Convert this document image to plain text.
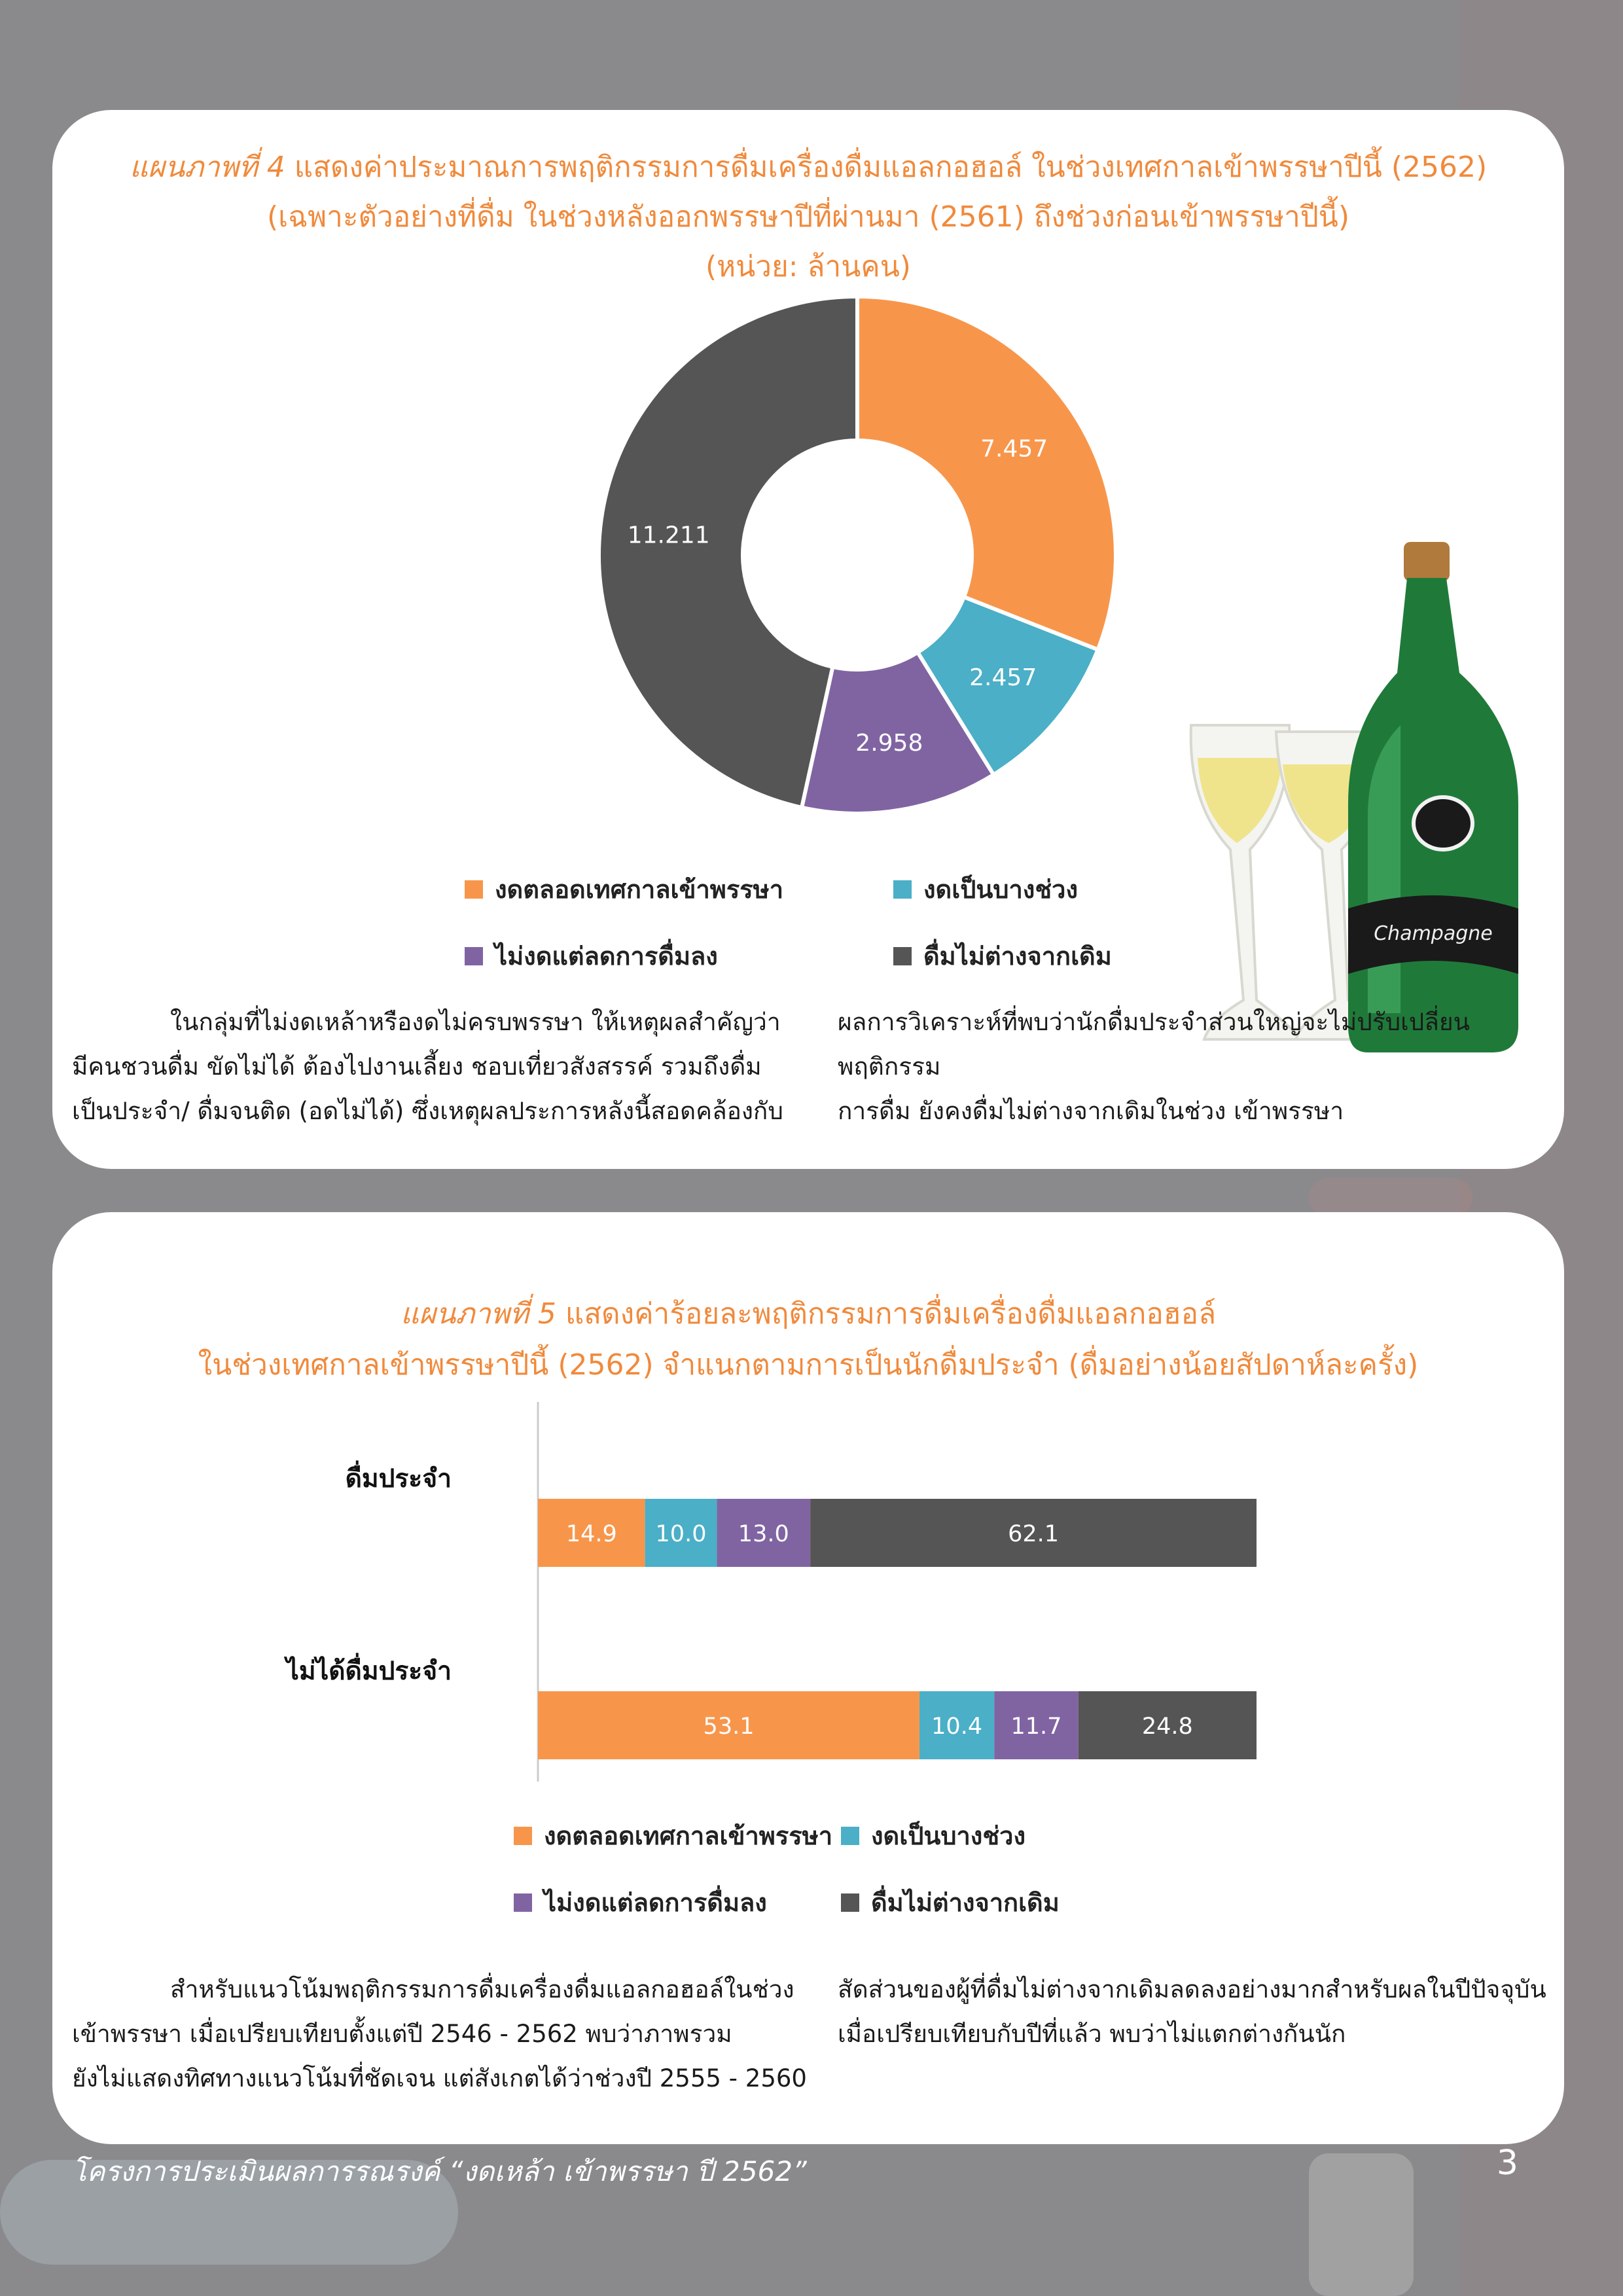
แผนภาพที่ 4 แสดงค่าประมาณการพฤติกรรมการดื่มเครื่องดื่มแอลกอฮอล์ ในช่วงเทศกาลเข้าพรรษาปีนี้ (2562)
(เฉพาะตัวอย่างที่ดื่ม ในช่วงหลังออกพรรษาปีที่ผ่านมา (2561) ถึงช่วงก่อนเข้าพรรษาปีนี้)
(หน่วย: ล้านคน)
7.457
2.457
2.958
11.211
Champagne
งดตลอดเทศกาลเข้าพรรษา	งดเป็นบางช่วง
ไม่งดแต่ลดการดื่มลง	ดื่มไม่ต่างจากเดิม
ในกลุ่มที่ไม่งดเหล้าหรืองดไม่ครบพรรษา ให้เหตุผลสำคัญว่า
มีคนชวนดื่ม ขัดไม่ได้ ต้องไปงานเลี้ยง ชอบเที่ยวสังสรรค์ รวมถึงดื่ม
เป็นประจำ/ ดื่มจนติด (อดไม่ได้) ซึ่งเหตุผลประการหลังนี้สอดคล้องกับ
ผลการวิเคราะห์ที่พบว่านักดื่มประจำส่วนใหญ่จะไม่ปรับเปลี่ยนพฤติกรรม
การดื่ม ยังคงดื่มไม่ต่างจากเดิมในช่วง เข้าพรรษา
แผนภาพที่ 5 แสดงค่าร้อยละพฤติกรรมการดื่มเครื่องดื่มแอลกอฮอล์
ในช่วงเทศกาลเข้าพรรษาปีนี้ (2562) จำแนกตามการเป็นนักดื่มประจำ (ดื่มอย่างน้อยสัปดาห์ละครั้ง)
ดื่มประจำ
ไม่ได้ดื่มประจำ
14.9 10.0 13.0	62.1
53.1	10.4 11.7	24.8
งดตลอดเทศกาลเข้าพรรษา	งดเป็นบางช่วง
ไม่งดแต่ลดการดื่มลง	ดื่มไม่ต่างจากเดิม
สำหรับแนวโน้มพฤติกรรมการดื่มเครื่องดื่มแอลกอฮอล์ในช่วง
เข้าพรรษา เมื่อเปรียบเทียบตั้งแต่ปี 2546 - 2562 พบว่าภาพรวม
ยังไม่แสดงทิศทางแนวโน้มที่ชัดเจน แต่สังเกตได้ว่าช่วงปี 2555 - 2560
สัดส่วนของผู้ที่ดื่มไม่ต่างจากเดิมลดลงอย่างมากสำหรับผลในปีปัจจุบัน
เมื่อเปรียบเทียบกับปีที่แล้ว พบว่าไม่แตกต่างกันนัก
โครงการประเมินผลการรณรงค์ “งดเหล้า เข้าพรรษา ปี 2562”	3
